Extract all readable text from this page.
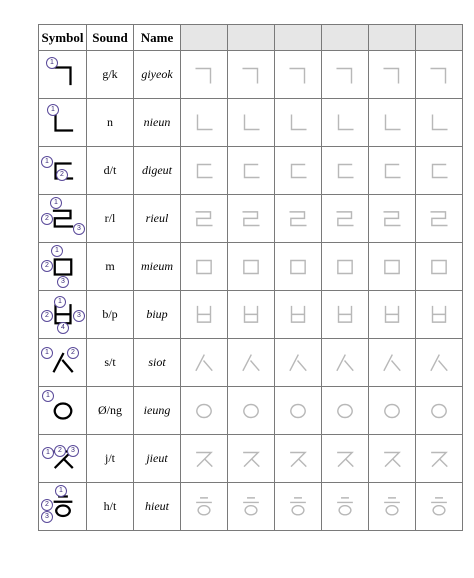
Symbol	Sound	Name						

1	g/k	giyeok	

1	n	nieun	

1
2	d/t	digeut	

1
2
3	r/l	rieul	

1
2
3	m	mieum	

1
2 3
4	b/p	biup	

1 2	s/t	siot	

1	Ø/ng	ieung	

1 2 3	j/t	jieut	

1
2
3	h/t	hieut	
